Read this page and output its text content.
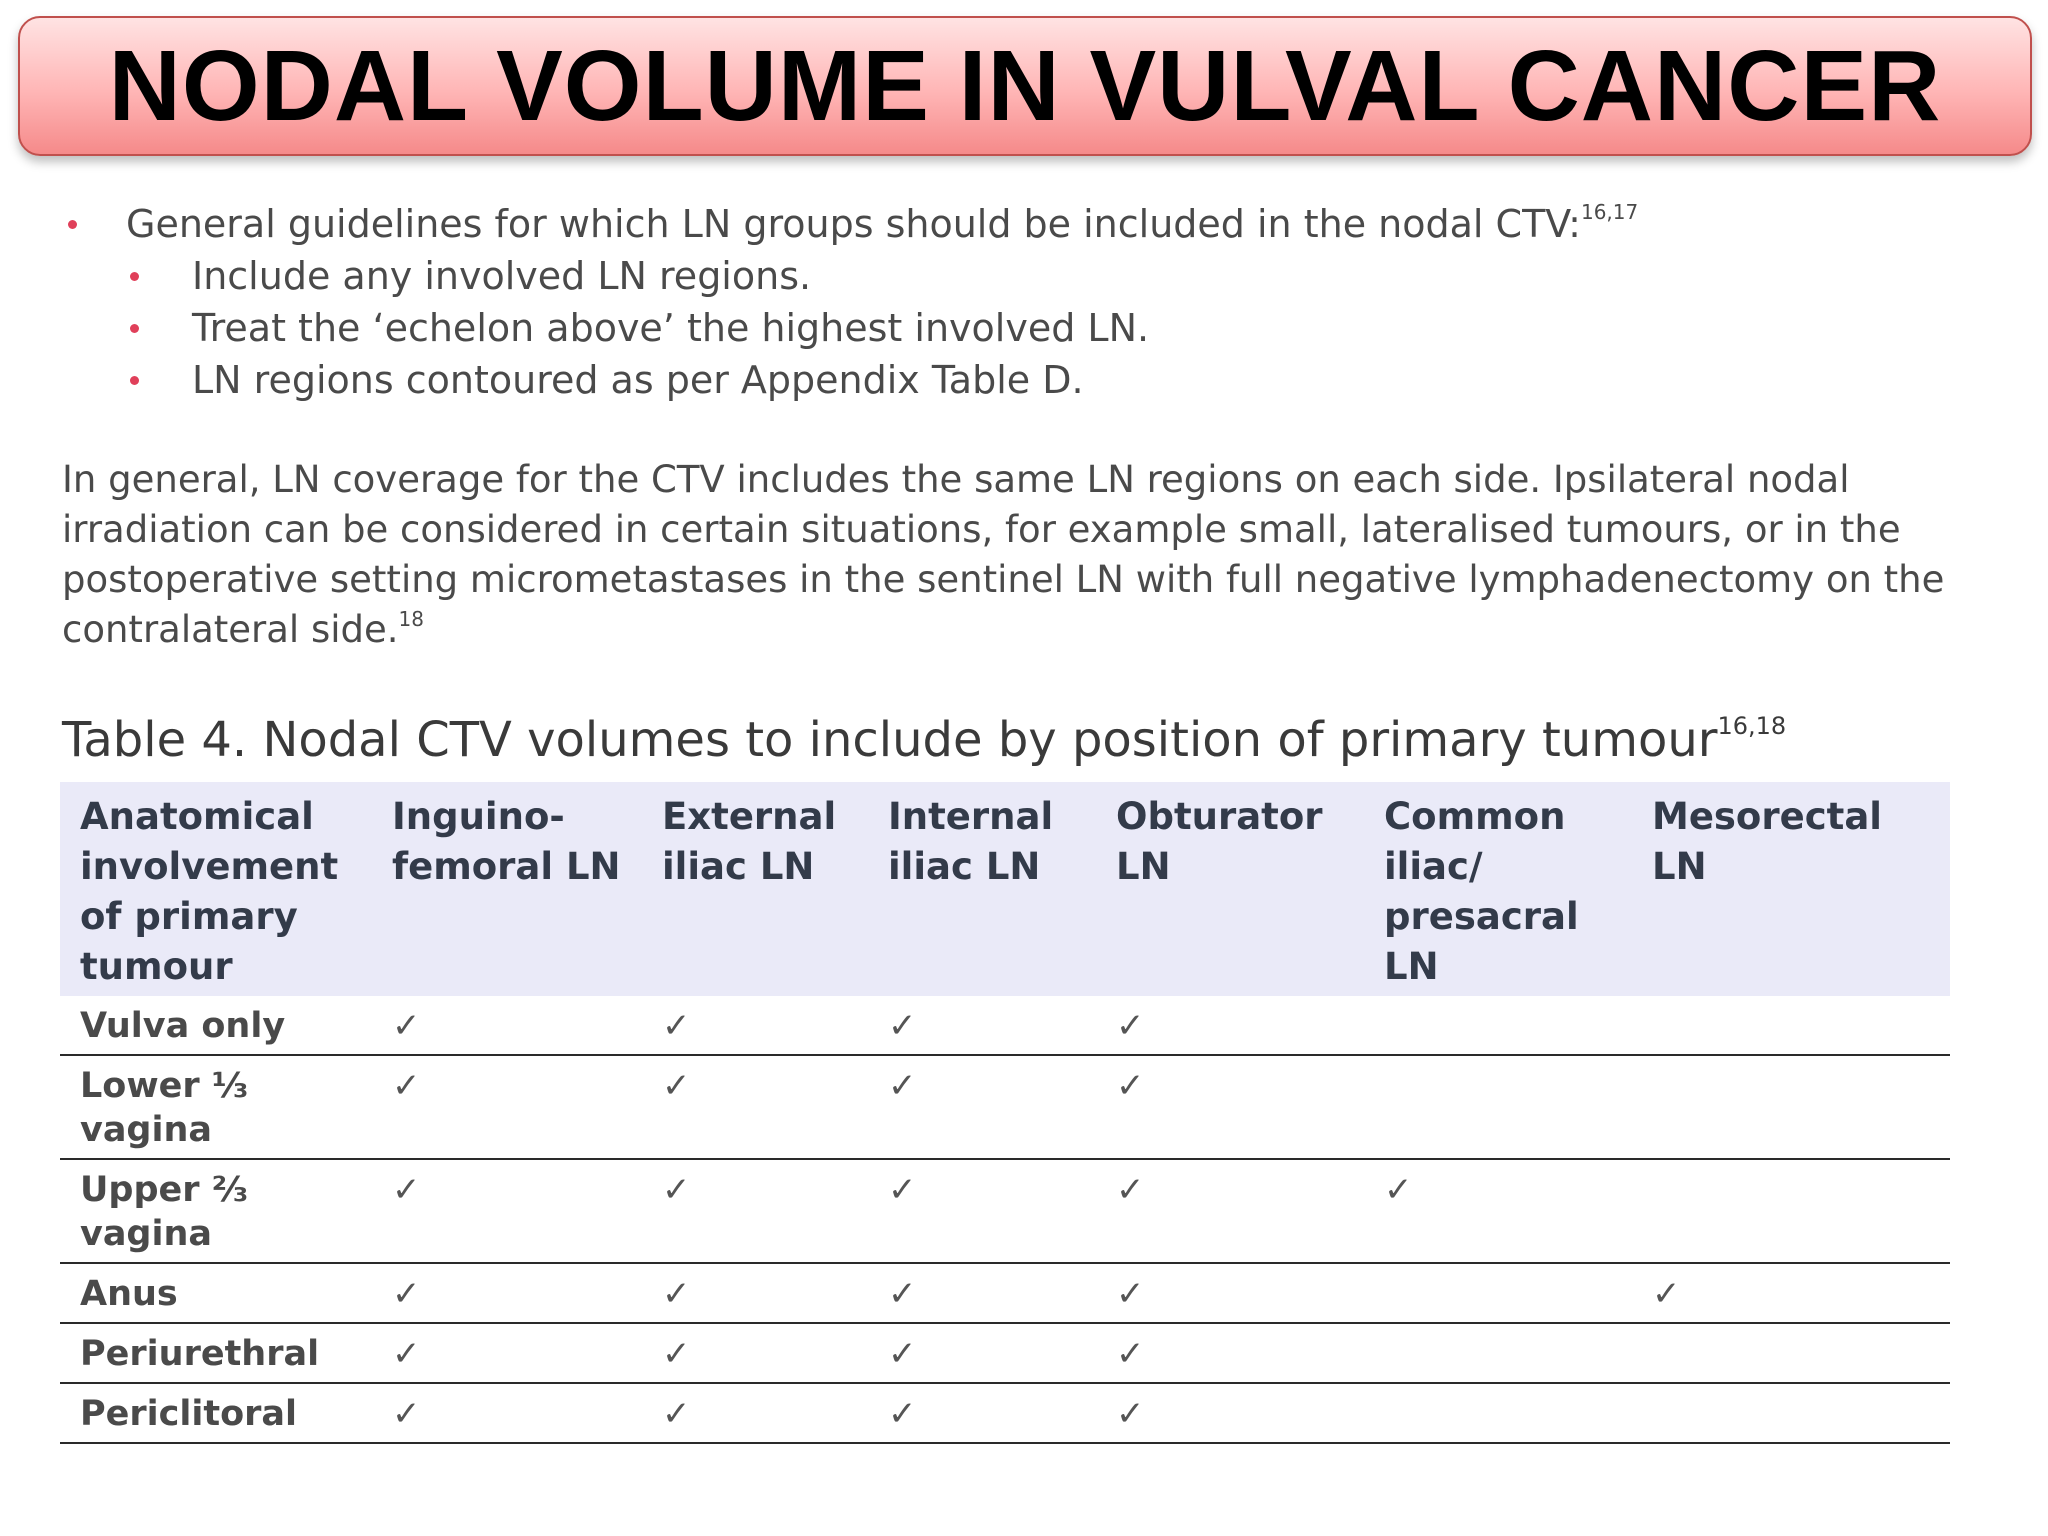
NODAL VOLUME IN VULVAL CANCER
General guidelines for which LN groups should be included in the nodal CTV:$^{16,17}$
Include any involved LN regions.
Treat the ‘echelon above’ the highest involved LN.
LN regions contoured as per Appendix Table D.
In general, LN coverage for the CTV includes the same LN regions on each side. Ipsilateral nodal irradiation can be considered in certain situations, for example small, lateralised tumours, or in the postoperative setting micrometastases in the sentinel LN with full negative lymphadenectomy on the contralateral side.$^{18}$
Table 4. Nodal CTV volumes to include by position of primary tumour$^{16,18}$
Anatomical involvement of primary tumour	Inguino-femoral LN	External iliac LN	Internal iliac LN	Obturator LN	Common iliac/ presacral LN	Mesorectal LN
Vulva only	✓	✓	✓	✓		
Lower ⅓ vagina	✓	✓	✓	✓		
Upper ⅔ vagina	✓	✓	✓	✓	✓	
Anus	✓	✓	✓	✓		✓
Periurethral	✓	✓	✓	✓		
Periclitoral	✓	✓	✓	✓		
